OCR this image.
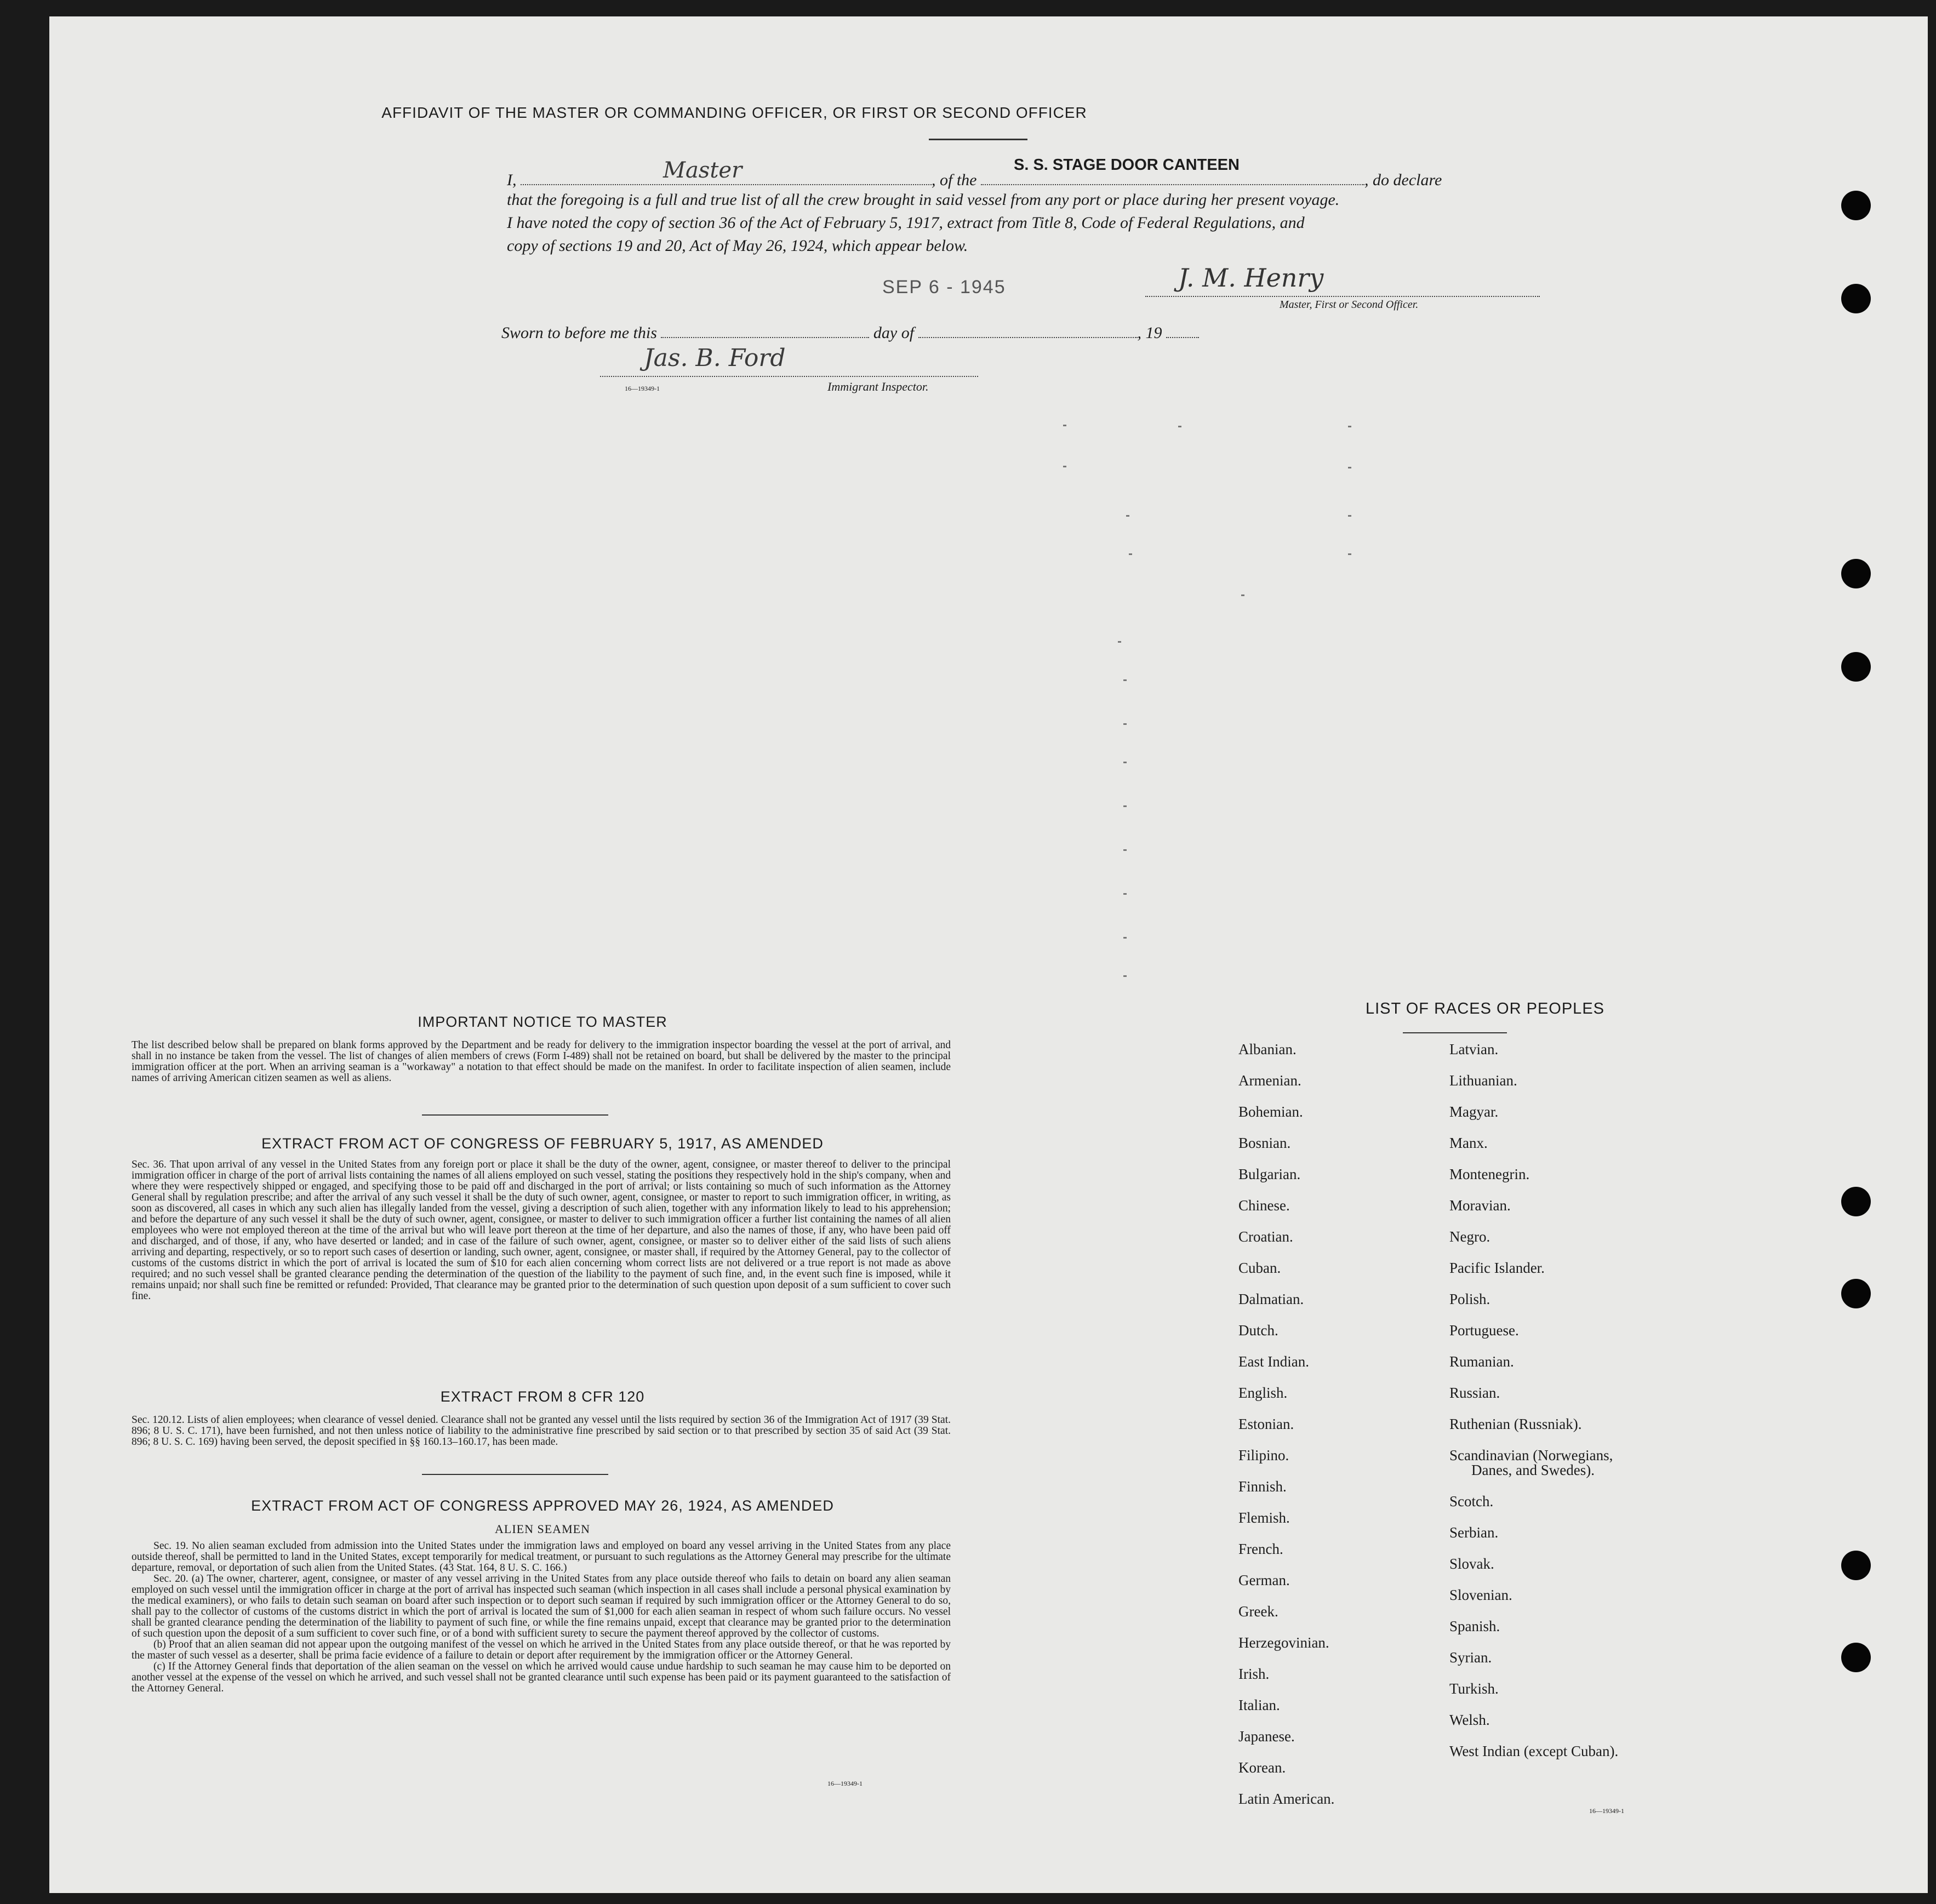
AFFIDAVIT OF THE MASTER OR COMMANDING OFFICER, OR FIRST OR SECOND OFFICER
I,	Master	, of the
S. S. STAGE DOOR CANTEEN
, do declare
that the foregoing is a full and true list of all the crew brought in said vessel from any port or place during her present voyage.
I have noted the copy of section 36 of the Act of February 5, 1917, extract from Title 8, Code of Federal Regulations, and
copy of sections 19 and 20, Act of May 26, 1924, which appear below.
SEP 6 - 1945	J. M. Henry
Master, First or Second Officer.
Sworn to before me this	day of	, 19
Jas. B. Ford
16—19349-1	Immigrant Inspector.
IMPORTANT NOTICE TO MASTER
The list described below shall be prepared on blank forms approved by the Department and be ready for delivery to the immigration inspector boarding the vessel at the port of arrival, and shall in no instance be taken from the vessel. The list of changes of alien members of crews (Form I-489) shall not be retained on board, but shall be delivered by the master to the principal immigration officer at the port. When an arriving seaman is a "workaway" a notation to that effect should be made on the manifest. In order to facilitate inspection of alien seamen, include names of arriving American citizen seamen as well as aliens.
EXTRACT FROM ACT OF CONGRESS OF FEBRUARY 5, 1917, AS AMENDED
Sec. 36. That upon arrival of any vessel in the United States from any foreign port or place it shall be the duty of the owner, agent, consignee, or master thereof to deliver to the principal immigration officer in charge of the port of arrival lists containing the names of all aliens employed on such vessel, stating the positions they respectively hold in the ship's company, when and where they were respectively shipped or engaged, and specifying those to be paid off and discharged in the port of arrival; or lists containing so much of such information as the Attorney General shall by regulation prescribe; and after the arrival of any such vessel it shall be the duty of such owner, agent, consignee, or master to report to such immigration officer, in writing, as soon as discovered, all cases in which any such alien has illegally landed from the vessel, giving a description of such alien, together with any information likely to lead to his apprehension; and before the departure of any such vessel it shall be the duty of such owner, agent, consignee, or master to deliver to such immigration officer a further list containing the names of all alien employees who were not employed thereon at the time of the arrival but who will leave port thereon at the time of her departure, and also the names of those, if any, who have been paid off and discharged, and of those, if any, who have deserted or landed; and in case of the failure of such owner, agent, consignee, or master so to deliver either of the said lists of such aliens arriving and departing, respectively, or so to report such cases of desertion or landing, such owner, agent, consignee, or master shall, if required by the Attorney General, pay to the collector of customs of the customs district in which the port of arrival is located the sum of $10 for each alien concerning whom correct lists are not delivered or a true report is not made as above required; and no such vessel shall be granted clearance pending the determination of the question of the liability to the payment of such fine, and, in the event such fine is imposed, while it remains unpaid; nor shall such fine be remitted or refunded: Provided, That clearance may be granted prior to the determination of such question upon deposit of a sum sufficient to cover such fine.
EXTRACT FROM 8 CFR 120
Sec. 120.12. Lists of alien employees; when clearance of vessel denied. Clearance shall not be granted any vessel until the lists required by section 36 of the Immigration Act of 1917 (39 Stat. 896; 8 U. S. C. 171), have been furnished, and not then unless notice of liability to the administrative fine prescribed by said section or to that prescribed by section 35 of said Act (39 Stat. 896; 8 U. S. C. 169) having been served, the deposit specified in §§ 160.13–160.17, has been made.
EXTRACT FROM ACT OF CONGRESS APPROVED MAY 26, 1924, AS AMENDED
ALIEN SEAMEN
Sec. 19. No alien seaman excluded from admission into the United States under the immigration laws and employed on board any vessel arriving in the United States from any place outside thereof, shall be permitted to land in the United States, except temporarily for medical treatment, or pursuant to such regulations as the Attorney General may prescribe for the ultimate departure, removal, or deportation of such alien from the United States. (43 Stat. 164, 8 U. S. C. 166.)
Sec. 20. (a) The owner, charterer, agent, consignee, or master of any vessel arriving in the United States from any place outside thereof who fails to detain on board any alien seaman employed on such vessel until the immigration officer in charge at the port of arrival has inspected such seaman (which inspection in all cases shall include a personal physical examination by the medical examiners), or who fails to detain such seaman on board after such inspection or to deport such seaman if required by such immigration officer or the Attorney General to do so, shall pay to the collector of customs of the customs district in which the port of arrival is located the sum of $1,000 for each alien seaman in respect of whom such failure occurs. No vessel shall be granted clearance pending the determination of the liability to payment of such fine, or while the fine remains unpaid, except that clearance may be granted prior to the determination of such question upon the deposit of a sum sufficient to cover such fine, or of a bond with sufficient surety to secure the payment thereof approved by the collector of customs.
(b) Proof that an alien seaman did not appear upon the outgoing manifest of the vessel on which he arrived in the United States from any place outside thereof, or that he was reported by the master of such vessel as a deserter, shall be prima facie evidence of a failure to detain or deport after requirement by the immigration officer or the Attorney General.
(c) If the Attorney General finds that deportation of the alien seaman on the vessel on which he arrived would cause undue hardship to such seaman he may cause him to be deported on another vessel at the expense of the vessel on which he arrived, and such vessel shall not be granted clearance until such expense has been paid or its payment guaranteed to the satisfaction of the Attorney General.
16—19349-1
LIST OF RACES OR PEOPLES
Albanian.
Armenian.
Bohemian.
Bosnian.
Bulgarian.
Chinese.
Croatian.
Cuban.
Dalmatian.
Dutch.
East Indian.
English.
Estonian.
Filipino.
Finnish.
Flemish.
French.
German.
Greek.
Herzegovinian.
Irish.
Italian.
Japanese.
Korean.
Latin American.
Latvian.
Lithuanian.
Magyar.
Manx.
Montenegrin.
Moravian.
Negro.
Pacific Islander.
Polish.
Portuguese.
Rumanian.
Russian.
Ruthenian (Russniak).
Scandinavian (Norwegians,
Danes, and Swedes).
Scotch.
Serbian.
Slovak.
Slovenian.
Spanish.
Syrian.
Turkish.
Welsh.
West Indian (except Cuban).
16—19349-1
